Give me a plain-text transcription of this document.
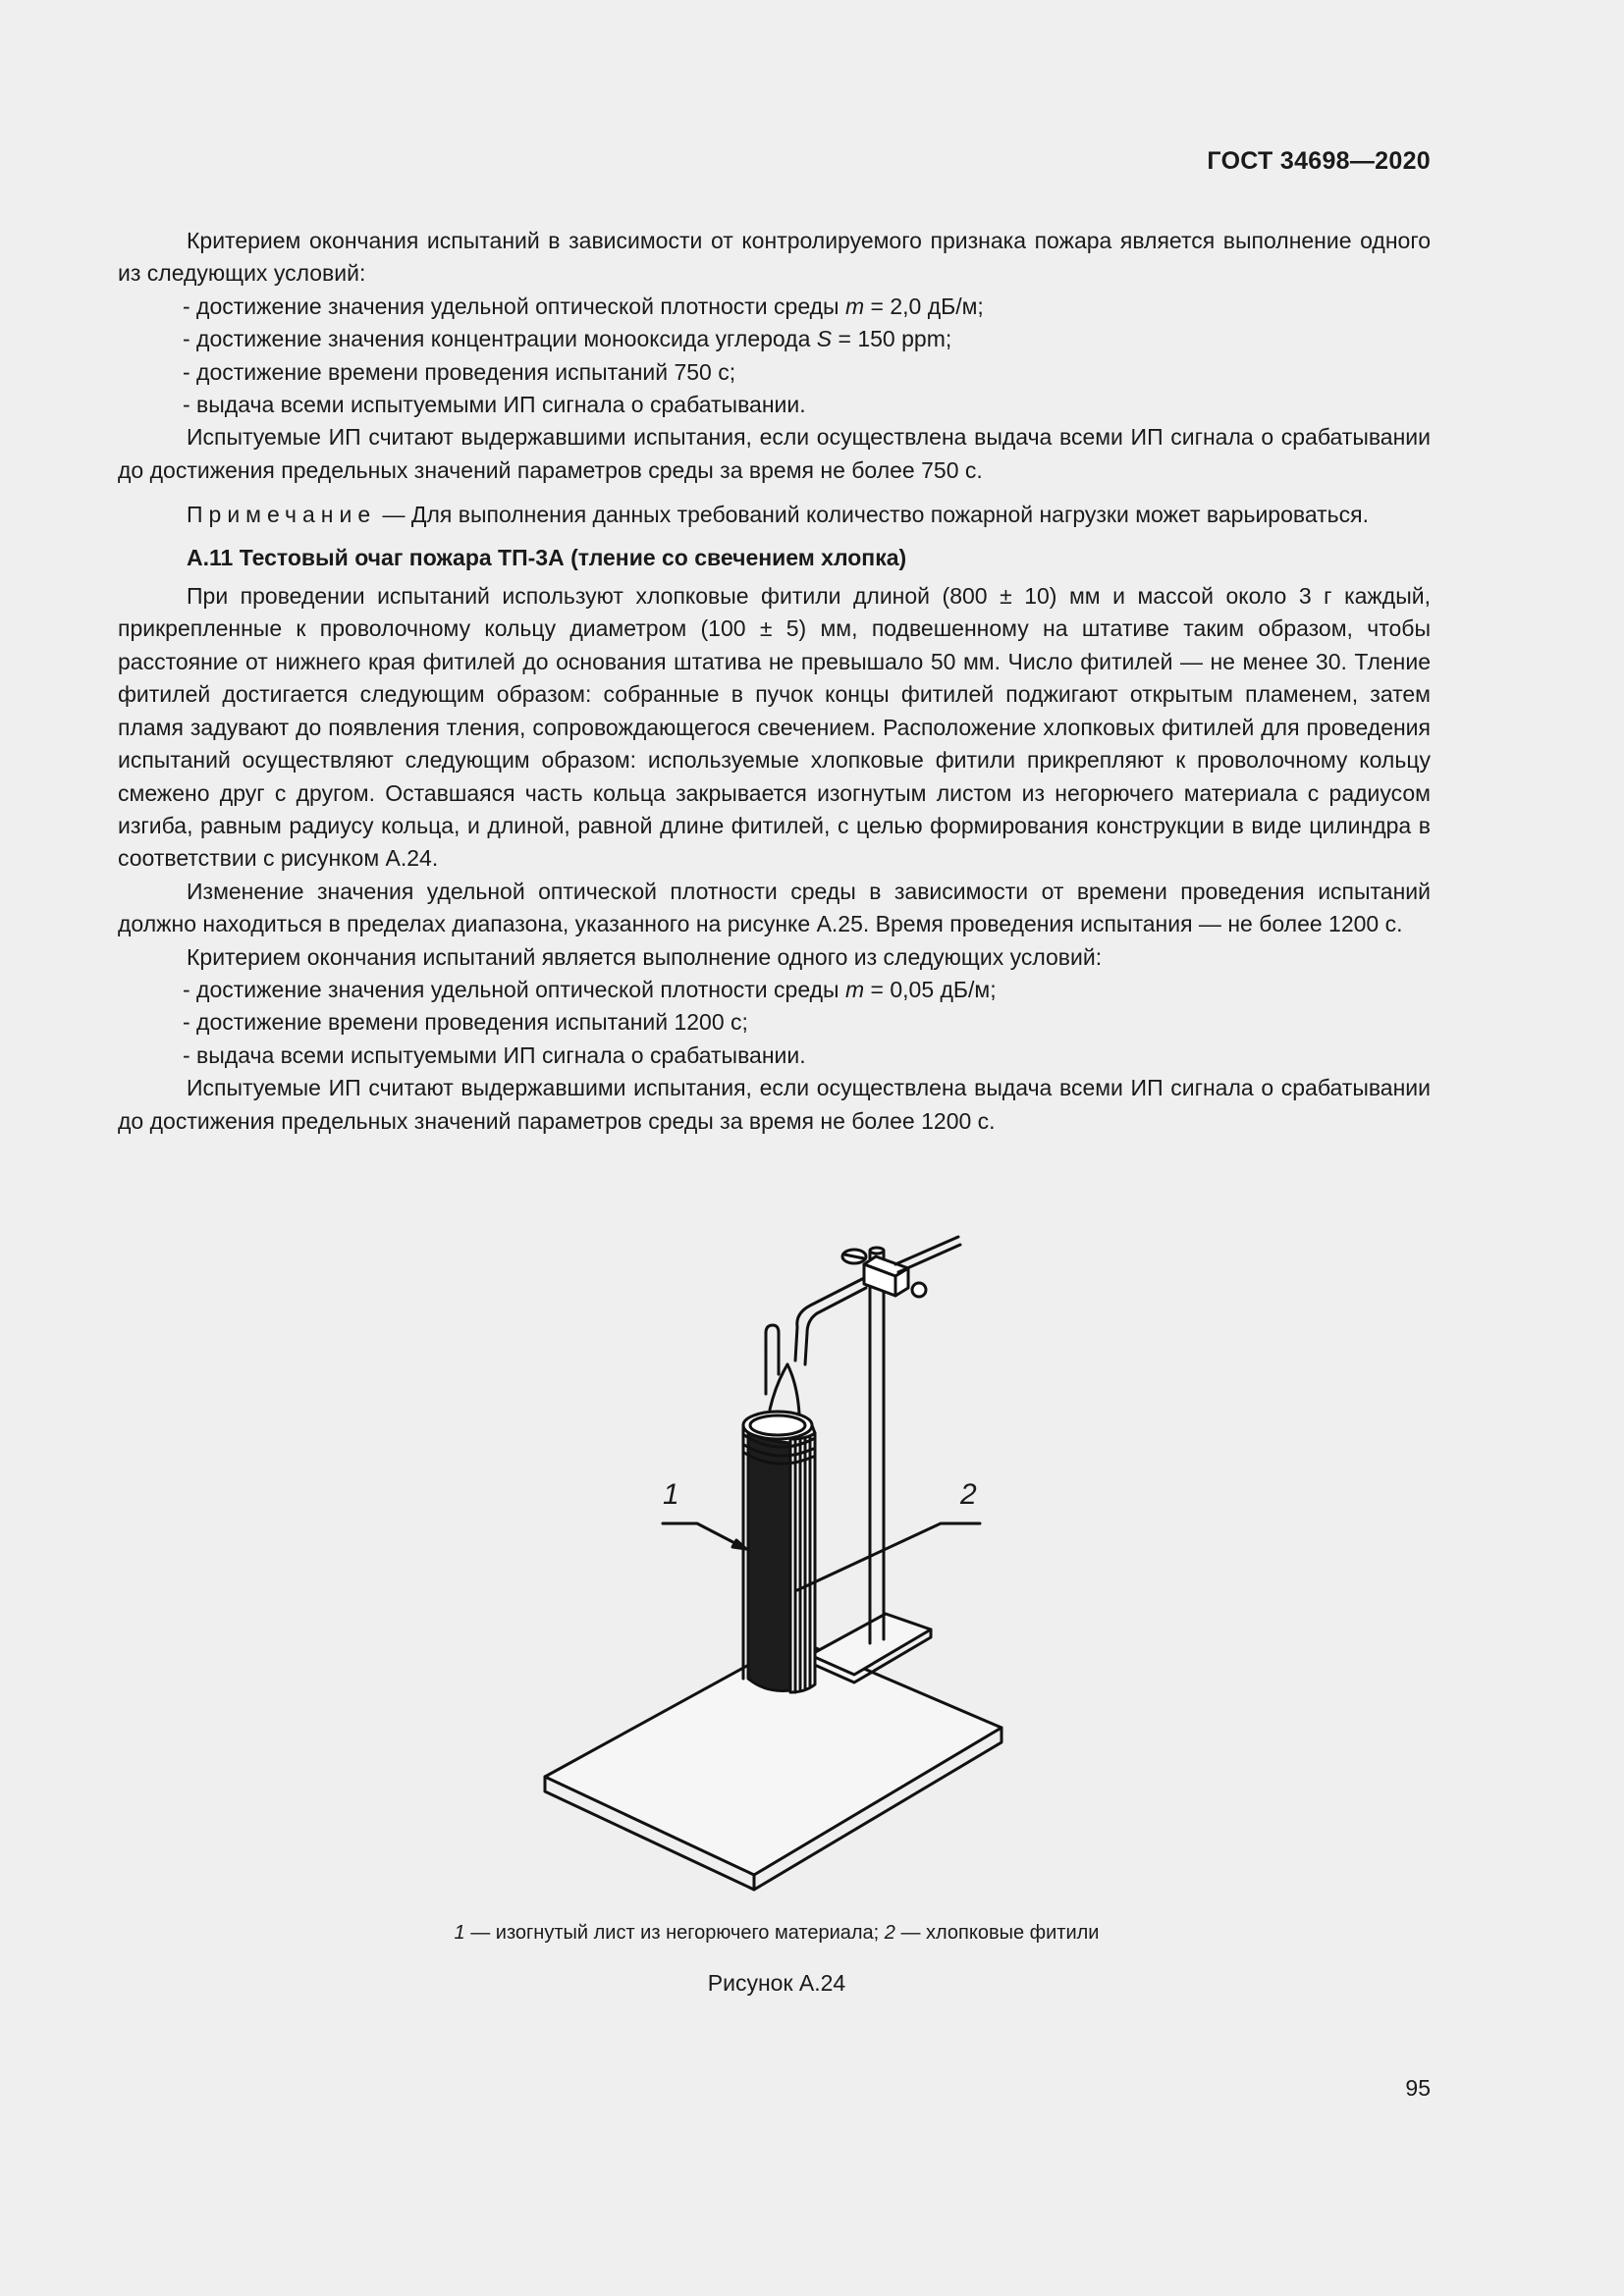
ГОСТ 34698—2020

Критерием окончания испытаний в зависимости от контролируемого признака пожара является выполнение одного из следующих условий:

- достижение значения удельной оптической плотности среды m = 2,0 дБ/м;

- достижение значения концентрации монооксида углерода S = 150 ppm;

- достижение времени проведения испытаний 750 с;

- выдача всеми испытуемыми ИП сигнала о срабатывании.

Испытуемые ИП считают выдержавшими испытания, если осуществлена выдача всеми ИП сигнала о срабатывании до достижения предельных значений параметров среды за время не более 750 с.

Примечание — Для выполнения данных требований количество пожарной нагрузки может варьироваться.

А.11 Тестовый очаг пожара ТП-3А (тление со свечением хлопка)

При проведении испытаний используют хлопковые фитили длиной (800 ± 10) мм и массой около 3 г каждый, прикрепленные к проволочному кольцу диаметром (100 ± 5) мм, подвешенному на штативе таким образом, чтобы расстояние от нижнего края фитилей до основания штатива не превышало 50 мм. Число фитилей — не менее 30. Тление фитилей достигается следующим образом: собранные в пучок концы фитилей поджигают открытым пламенем, затем пламя задувают до появления тления, сопровождающегося свечением. Расположение хлопковых фитилей для проведения испытаний осуществляют следующим образом: используемые хлопковые фитили прикрепляют к проволочному кольцу смежено друг с другом. Оставшаяся часть кольца закрывается изогнутым листом из негорючего материала с радиусом изгиба, равным радиусу кольца, и длиной, равной длине фитилей, с целью формирования конструкции в виде цилиндра в соответствии с рисунком А.24.

Изменение значения удельной оптической плотности среды в зависимости от времени проведения испытаний должно находиться в пределах диапазона, указанного на рисунке А.25. Время проведения испытания — не более 1200 с.

Критерием окончания испытаний является выполнение одного из следующих условий:

- достижение значения удельной оптической плотности среды m = 0,05 дБ/м;

- достижение времени проведения испытаний 1200 с;

- выдача всеми испытуемыми ИП сигнала о срабатывании.

Испытуемые ИП считают выдержавшими испытания, если осуществлена выдача всеми ИП сигнала о срабатывании до достижения предельных значений параметров среды за время не более 1200 с.

1	2
1 — изогнутый лист из негорючего материала; 2 — хлопковые фитили
Рисунок А.24
95
